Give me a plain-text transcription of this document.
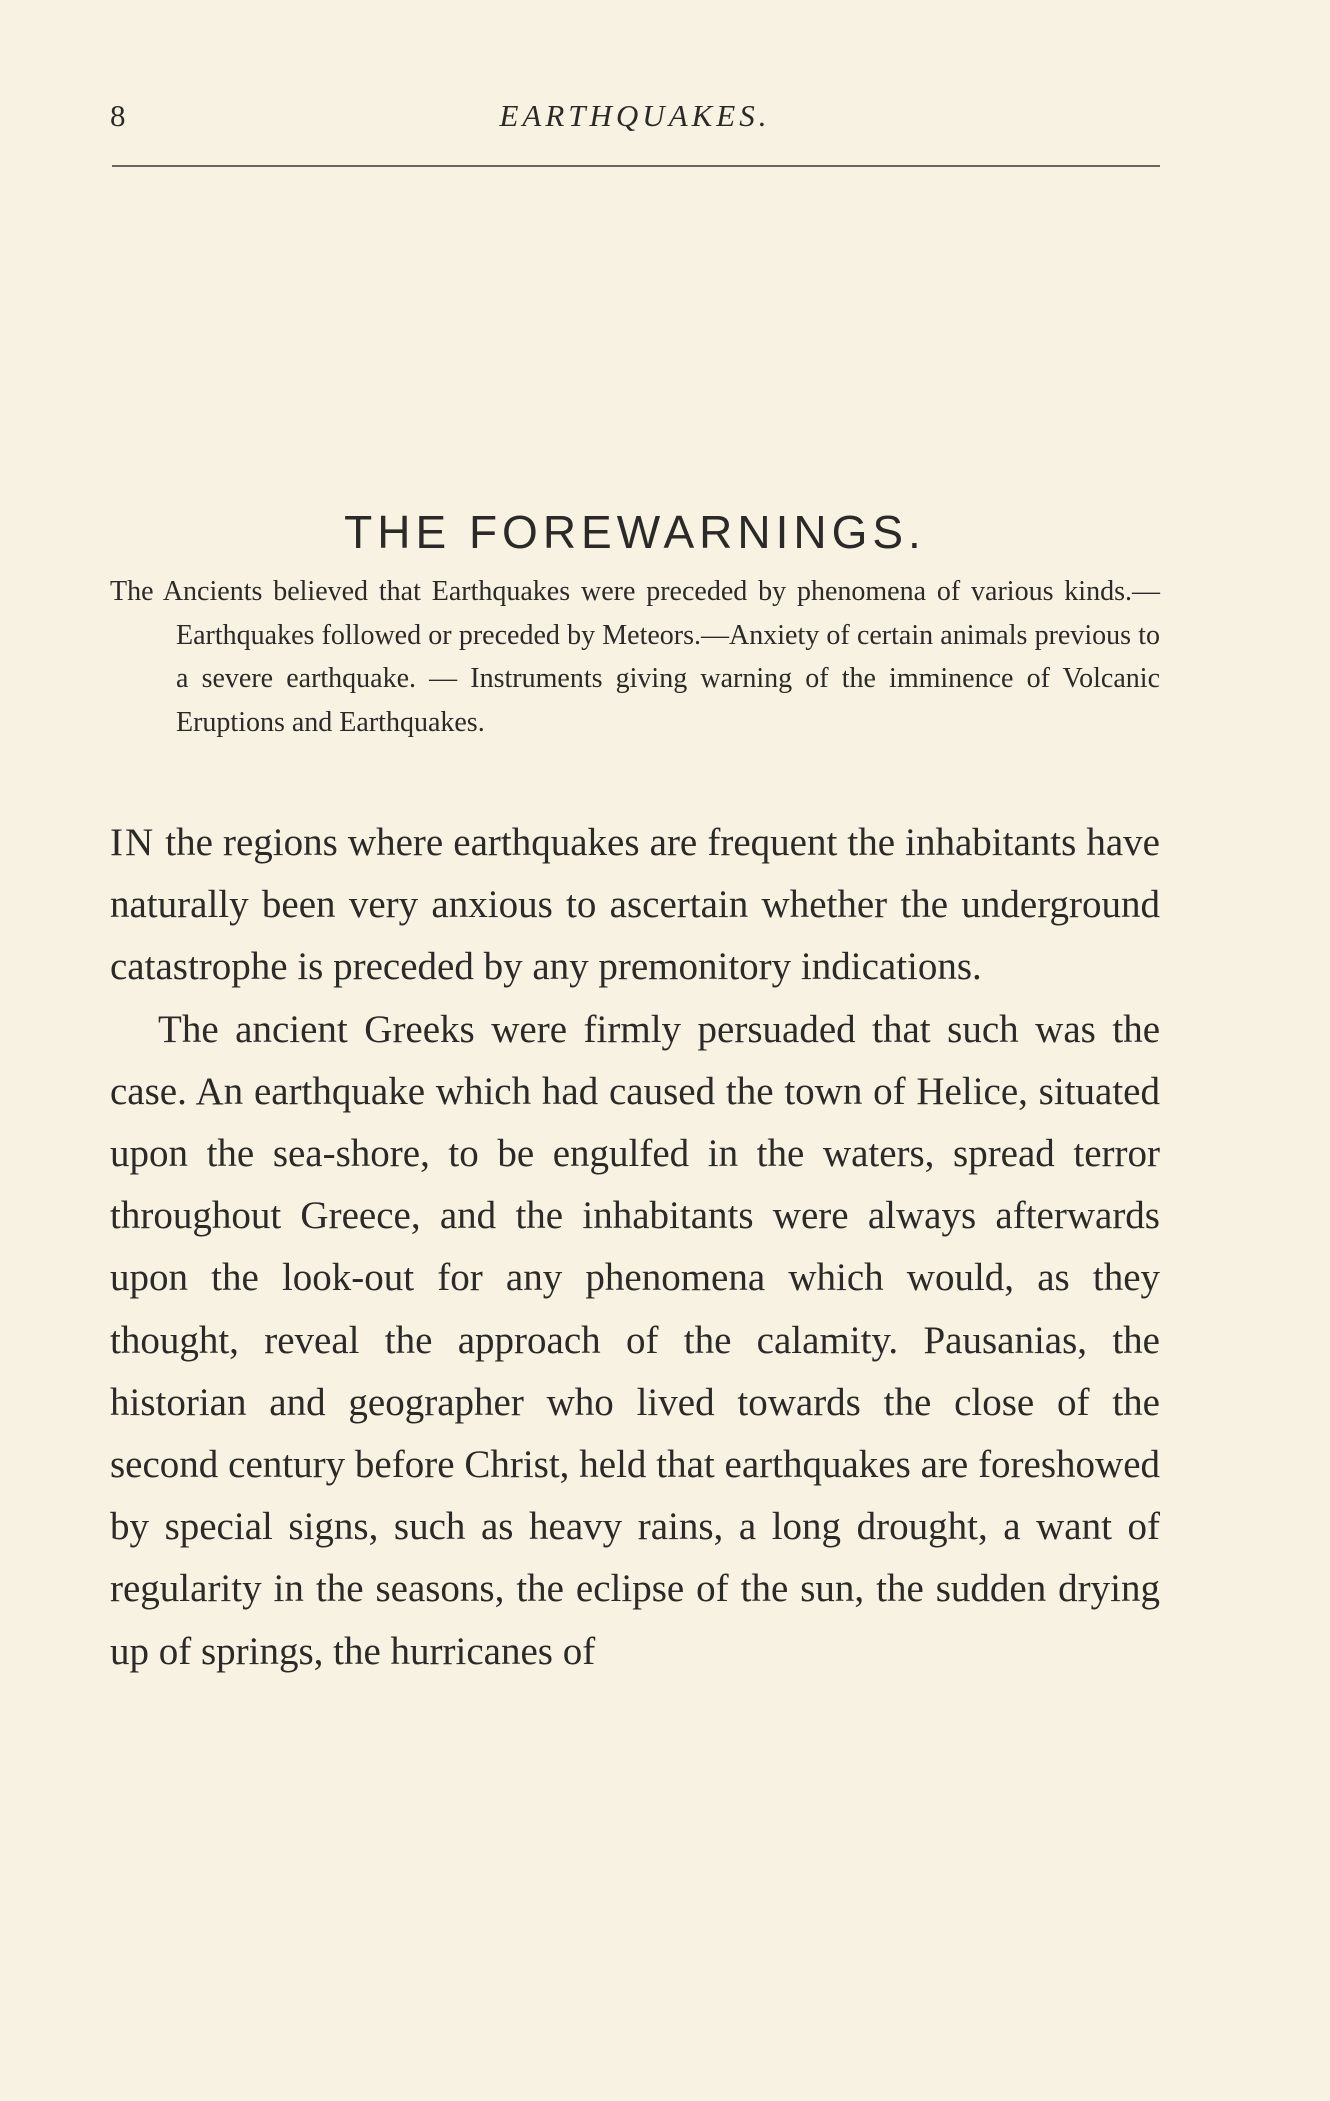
8	EARTHQUAKES.
THE FOREWARNINGS.

The Ancients believed that Earthquakes were preceded by phenomena of various kinds.—Earthquakes followed or preceded by Meteors.—Anxiety of certain animals previous to a severe earthquake. — Instruments giving warning of the imminence of Volcanic Eruptions and Earthquakes.

IN the regions where earthquakes are frequent the inhabitants have naturally been very anxious to ascertain whether the underground catastrophe is preceded by any premonitory indications.

The ancient Greeks were firmly persuaded that such was the case. An earthquake which had caused the town of Helice, situated upon the sea-shore, to be engulfed in the waters, spread terror throughout Greece, and the inhabitants were always afterwards upon the look-out for any phenomena which would, as they thought, reveal the approach of the calamity. Pausanias, the historian and geographer who lived towards the close of the second century before Christ, held that earthquakes are foreshowed by special signs, such as heavy rains, a long drought, a want of regularity in the seasons, the eclipse of the sun, the sudden drying up of springs, the hurricanes of
